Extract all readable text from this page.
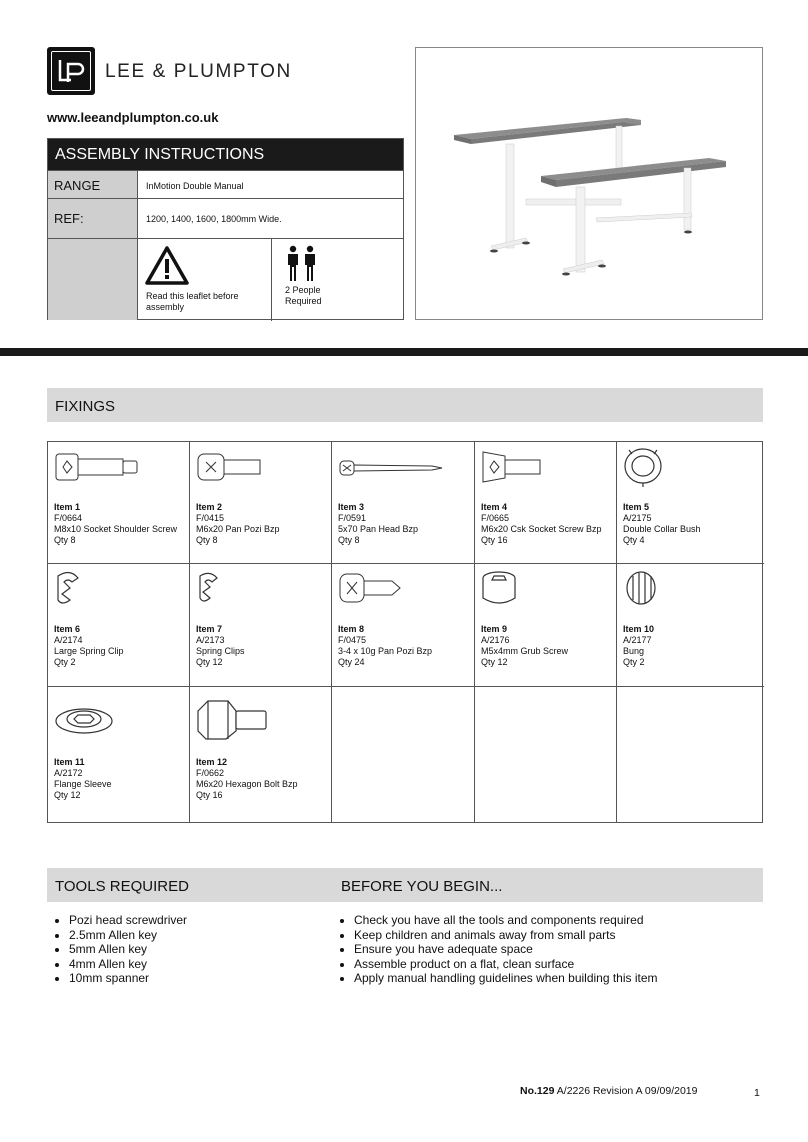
LEE & PLUMPTON
www.leeandplumpton.co.uk
ASSEMBLY INSTRUCTIONS
RANGE	InMotion Double Manual
REF:	1200, 1400, 1600, 1800mm Wide.
Read this leaflet before assembly
2 People Required
FIXINGS
Item 1
F/0664
M8x10 Socket Shoulder Screw
Qty 8
Item 2
F/0415
M6x20 Pan Pozi Bzp
Qty 8
Item 3
F/0591
5x70 Pan Head Bzp
Qty 8
Item 4
F/0665
M6x20 Csk Socket Screw Bzp
Qty 16
Item 5
A/2175
Double Collar Bush
Qty 4
Item 6
A/2174
Large Spring Clip
Qty 2
Item 7
A/2173
Spring Clips
Qty 12
Item 8
F/0475
3-4 x 10g Pan Pozi Bzp
Qty 24
Item 9
A/2176
M5x4mm Grub Screw
Qty 12
Item 10
A/2177
Bung
Qty 2
Item 11
A/2172
Flange Sleeve
Qty 12
Item 12
F/0662
M6x20 Hexagon Bolt Bzp
Qty 16
TOOLS REQUIRED	BEFORE YOU BEGIN...
• Pozi head screwdriver
• 2.5mm Allen key
• 5mm Allen key
• 4mm Allen key
• 10mm spanner
• Check you have all the tools and components required
• Keep children and animals away from small parts
• Ensure you have adequate space
• Assemble product on a flat, clean surface
• Apply manual handling guidelines when building this item
No.129 A/2226 Revision A 09/09/2019	1
